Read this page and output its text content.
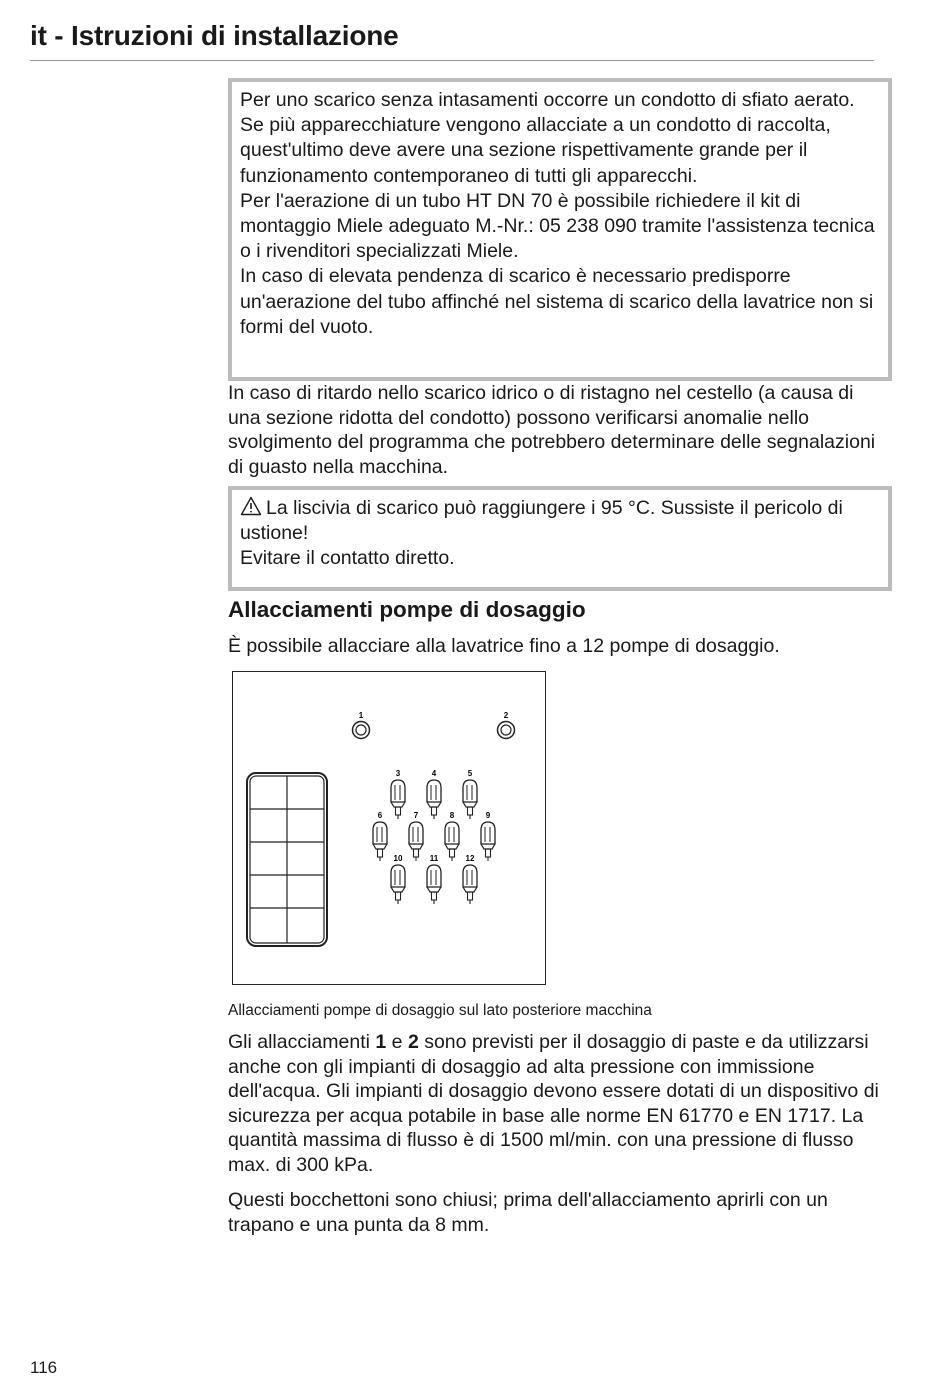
it - Istruzioni di installazione

Per uno scarico senza intasamenti occorre un condotto di sfiato aerato.

Se più apparecchiature vengono allacciate a un condotto di raccolta, quest'ultimo deve avere una sezione rispettivamente grande per il funzionamento contemporaneo di tutti gli apparecchi.

Per l'aerazione di un tubo HT DN 70 è possibile richiedere il kit di montaggio Miele adeguato M.-Nr.: 05 238 090 tramite l'assistenza tecnica o i rivenditori specializzati Miele.

In caso di elevata pendenza di scarico è necessario predisporre un'aerazione del tubo affinché nel sistema di scarico della lavatrice non si formi del vuoto.

In caso di ritardo nello scarico idrico o di ristagno nel cestello (a causa di una sezione ridotta del condotto) possono verificarsi anomalie nello svolgimento del programma che potrebbero determinare delle segnalazioni di guasto nella macchina.

La liscivia di scarico può raggiungere i 95 °C. Sussiste il pericolo di ustione!

Evitare il contatto diretto.

Allacciamenti pompe di dosaggio

È possibile allacciare alla lavatrice fino a 12 pompe di dosaggio.

1	2
3	4	5
6	7	8	9
10	11	12
Allacciamenti pompe di dosaggio sul lato posteriore macchina

Gli allacciamenti 1 e 2 sono previsti per il dosaggio di paste e da utilizzarsi anche con gli impianti di dosaggio ad alta pressione con immissione dell'acqua. Gli impianti di dosaggio devono essere dotati di un dispositivo di sicurezza per acqua potabile in base alle norme EN 61770 e EN 1717. La quantità massima di flusso è di 1500 ml/min. con una pressione di flusso max. di 300 kPa.

Questi bocchettoni sono chiusi; prima dell'allacciamento aprirli con un trapano e una punta da 8 mm.

116
